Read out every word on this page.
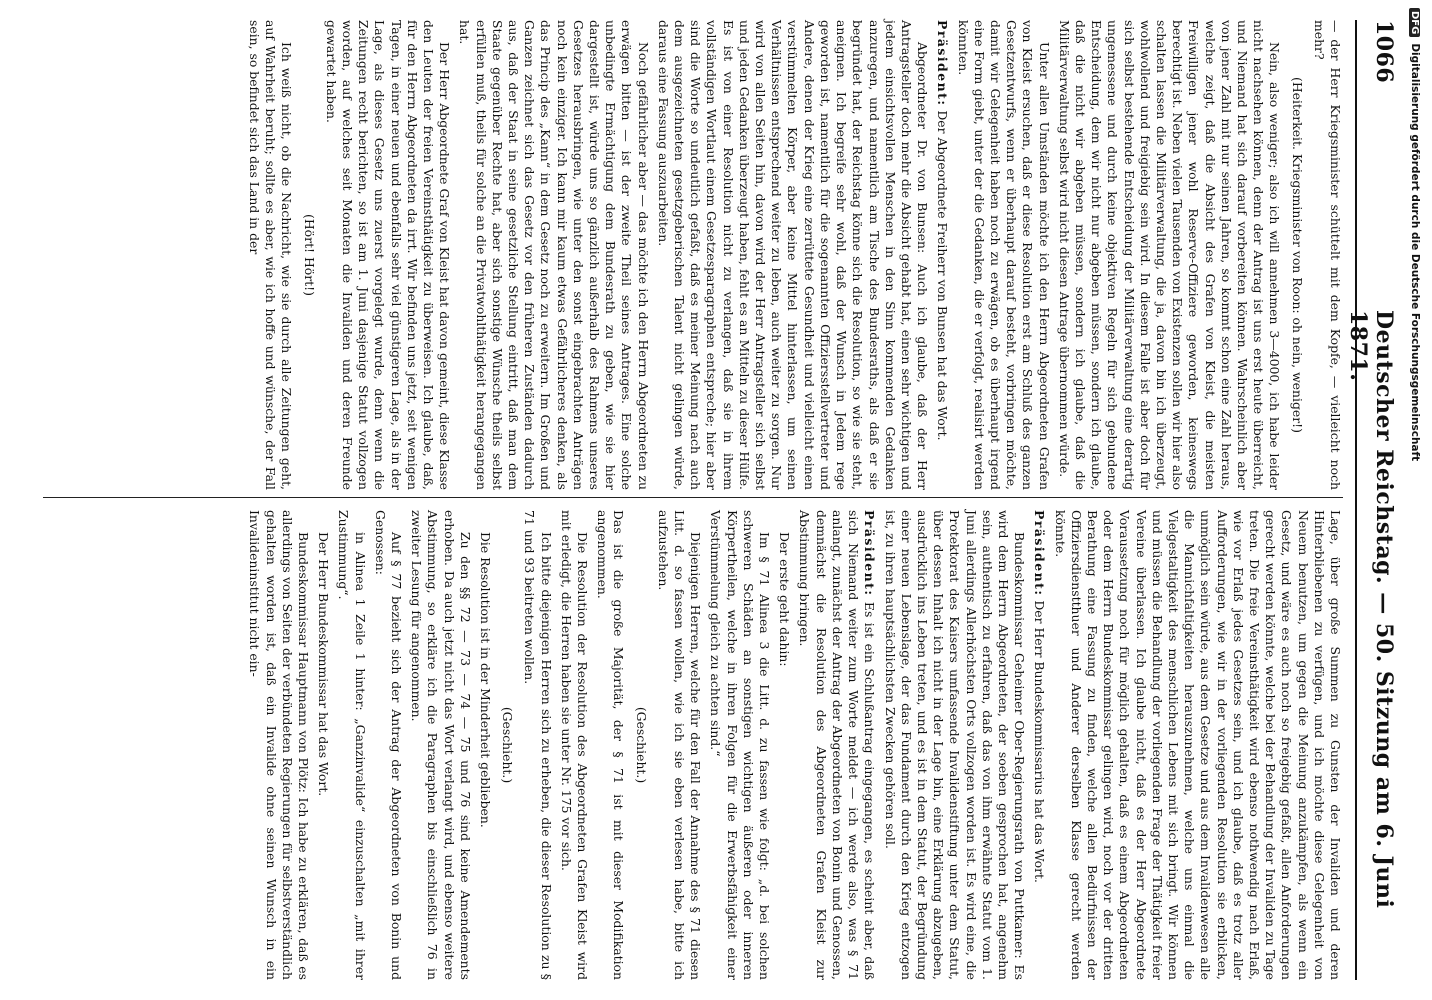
1066
Deutscher Reichstag. — 50. Sitzung am 6. Juni 1871.

— der Herr Kriegsminister schüttelt mit dem Kopfe, — vielleicht noch mehr?

(Heiterkeit. Kriegsminister von Roon: oh nein, weniger!)

Nein, also weniger; also ich will annehmen 3—4000, ich habe leider nicht nachsehen können, denn der Antrag ist uns erst heute überreicht, und Niemand hat sich darauf vorbereiten können. Wahrscheinlich aber von jener Zahl mit nur seinen Jahren, so kommt schon eine Zahl heraus, welche zeigt, daß die Absicht des Grafen von Kleist, die meisten Freiwilligen jener wohl Reserve-Offiziere geworden, keineswegs berechtigt ist. Neben vielen Tausenden von Existenzen sollen wir hier also schalten lassen die Militärverwaltung, die ja, davon bin ich überzeugt, wohlwollend und freigiebig sein wird. In diesem Falle ist aber doch für sich selbst bestehende Entscheidung der Militärverwaltung eine derartig ungemessene und durch keine objektiven Regeln für sich gebundene Entscheidung, dem wir nicht nur abgeben müssen, sondern ich glaube, daß die nicht wir abgeben müssen, sondern ich glaube, daß die Militärverwaltung selbst wird nicht diesen Antrage übernommen würde.

Unter allen Umständen möchte ich den Herrn Abgeordneten Grafen von Kleist ersuchen, daß er diese Resolution erst am Schluß des ganzen Gesetzentwurfs, wenn er überhaupt darauf besteht, vorbringen möchte, damit wir Gelegenheit haben noch zu erwägen, ob es überhaupt irgend eine Form giebt, unter der die Gedanken, die er verfolgt, realisirt werden könnten.

Präsident: Der Abgeordnete Freiherr von Bunsen hat das Wort.

Abgeordneter Dr. von Bunsen: Auch ich glaube, daß der Herr Antragsteller doch mehr die Absicht gehabt hat, einen sehr wichtigen und jedem einsichtsvollen Menschen in den Sinn kommenden Gedanken anzuregen, und namentlich am Tische des Bundesraths, als daß er sie begründet hat, der Reichstag könne sich die Resolution, so wie sie steht, aneignen. Ich begreife sehr wohl, daß der Wunsch in Jedem rege geworden ist, namentlich für die sogenannten Offiziersstellvertreter und Andere, denen der Krieg eine zerrüttete Gesundheit und vielleicht einen verstümmelten Körper, aber keine Mittel hinterlassen, um seinen Verhältnissen entsprechend weiter zu leben, auch weiter zu sorgen. Nur wird von allen Seiten hin, davon wird der Herr Antragsteller sich selbst und jeden Gedanken überzeugt haben, fehlt es an Mitteln zu dieser Hülfe. Es ist von einer Resolution nicht zu verlangen, daß sie in ihrem vollständigen Wortlaut einem Gesetzesparagraphen entspreche; hier aber sind die Worte so undeutlich gefaßt, daß es meiner Meinung nach auch dem ausgezeichneten gesetzgeberischen Talent nicht gelingen würde, daraus eine Fassung auszuarbeiten.

Noch gefährlicher aber — das möchte ich den Herrn Abgeordneten zu erwägen bitten — ist der zweite Theil seines Antrages. Eine solche unbedingte Ermächtigung dem Bundesrath zu geben, wie sie hier dargestellt ist, würde uns so gänzlich außerhalb des Rahmens unseres Gesetzes herausbringen, wie unter den sonst eingebrachten Anträgen noch kein einziger. Ich kann mir kaum etwas Gefährlicheres denken, als das Princip des „Kann“ in dem Gesetz noch zu erweitern. Im Großen und Ganzen zeichnet sich das Gesetz vor den früheren Zuständen dadurch aus, daß der Staat in seine gesetzliche Stellung eintritt, daß man dem Staate gegenüber Rechte hat, aber sich sonstige Wünsche theils selbst erfüllen muß, theils für solche an die Privatwohlthätigkeit herangegangen hat.

Der Herr Abgeordnete Graf von Kleist hat davon gemeint, diese Klasse den Leuten der freien Vereinsthätigkeit zu überweisen. Ich glaube, daß, für den Herrn Abgeordneten da irrt. Wir befinden uns jetzt, seit wenigen Tagen, in einer neuen und ebenfalls sehr viel günstigeren Lage, als in der Lage, als dieses Gesetz uns zuerst vorgelegt wurde, denn wenn die Zeitungen recht berichten, so ist am 1. Juni dasjenige Statut vollzogen worden, auf welches seit Monaten die Invaliden und deren Freunde gewartet haben.

(Hört! Hört!)

Ich weiß nicht, ob die Nachricht, wie sie durch alle Zeitungen geht, auf Wahrheit beruht; sollte es aber, wie ich hoffe und wünsche, der Fall sein, so befindet sich das Land in der

Lage, über große Summen zu Gunsten der Invaliden und deren Hinterbliebenen zu verfügen, und ich möchte diese Gelegenheit von Neuem benutzen, um gegen die Meinung anzukämpfen, als wenn ein Gesetz, und wäre es auch noch so freigebig gefaßt, allen Anforderungen gerecht werden könnte, welche bei der Behandlung der Invaliden zu Tage treten. Die freie Vereinsthätigkeit wird ebenso nothwendig nach Erlaß, wie vor Erlaß jedes Gesetzes sein, und ich glaube, daß es trotz aller Aufforderungen, wie wir in der vorliegenden Resolution sie erblicken, unmöglich sein würde, aus dem Gesetze und aus dem Invalidenwesen alle die Mannichfaltigkeiten herauszunehmen, welche uns einmal die Vielgestaltigkeit des menschlichen Lebens mit sich bringt. Wir können und müssen die Behandlung der vorliegenden Frage der Thätigkeit freier Vereine überlassen. Ich glaube nicht, daß es der Herr Abgeordnete Voraussetzung noch für möglich gehalten, daß es einem Abgeordneten oder dem Herrn Bundeskommissar gelingen wird, noch vor der dritten Berathung eine Fassung zu finden, welche allen Bedürfnissen der Offiziersdienstthuer und Anderer derselben Klasse gerecht werden könnte.

Präsident: Der Herr Bundeskommissarius hat das Wort.

Bundeskommissar Geheimer Ober-Regierungsrath von Puttkamer: Es wird dem Herrn Abgeordneten, der soeben gesprochen hat, angenehm sein, authentisch zu erfahren, daß das von ihm erwähnte Statut vom 1. Juni allerdings Allerhöchsten Orts vollzogen worden ist. Es wird eine, die Protektorat des Kaisers umfassende Invalidenstiftung unter dem Statut, über dessen Inhalt ich nicht in der Lage bin, eine Erklärung abzugeben, ausdrücklich ins Leben treten, und es ist in dem Statut, der Begründung einer neuen Lebenslage, der das Fundament durch den Krieg entzogen ist, zu ihren hauptsächlichsten Zwecken gehören soll.

Präsident: Es ist ein Schlußantrag eingegangen, es scheint aber, daß sich Niemand weiter zum Worte meldet — ich werde also, was § 71 anlangt, zunächst der Antrag der Abgeordneten von Bonin und Genossen, demnächst die Resolution des Abgeordneten Grafen Kleist zur Abstimmung bringen.

Der erste geht dahin:

Im § 71 Alinea 3 die Litt. d. zu fassen wie folgt: „d. bei solchen schweren Schäden an sonstigen wichtigen äußeren oder inneren Körpertheilen, welche in ihren Folgen für die Erwerbsfähigkeit einer Verstümmelung gleich zu achten sind.“

Diejenigen Herren, welche für den Fall der Annahme des § 71 diesen Litt. d. so fassen wollen, wie ich sie eben verlesen habe, bitte ich aufzustehen.

(Geschieht.)

Das ist die große Majorität, der § 71 ist mit dieser Modifikation angenommen.

Die Resolution der Resolution des Abgeordneten Grafen Kleist wird mit erledigt, die Herren haben sie unter Nr. 175 vor sich.

Ich bitte diejenigen Herren sich zu erheben, die dieser Resolution zu § 71 und 93 beitreten wollen.

(Geschieht.)

Die Resolution ist in der Minderheit geblieben.

Zu den §§ 72 — 73 — 74 — 75 und 76 sind keine Amendements erhoben. Da auch jetzt nicht das Wort verlangt wird, und ebenso weitere Abstimmung, so erkläre ich die Paragraphen bis einschließlich 76 in zweiter Lesung für angenommen.

Auf § 77 bezieht sich der Antrag der Abgeordneten von Bonin und Genossen:

in Alinea 1 Zeile 1 hinter: „Ganzinvalide“ einzuschalten „mit ihrer Zustimmung“.

Der Herr Bundeskommissar hat das Wort.

Bundeskommissar Hauptmann von Plötz: Ich habe zu erklären, daß es allerdings von Seiten der verbündeten Regierungen für selbstverständlich gehalten worden ist, daß ein Invalide ohne seinen Wunsch in ein Invalideninstitut nicht ein-

DFGDigitalisierung gefördert durch die Deutsche Forschungsgemeinschaft
